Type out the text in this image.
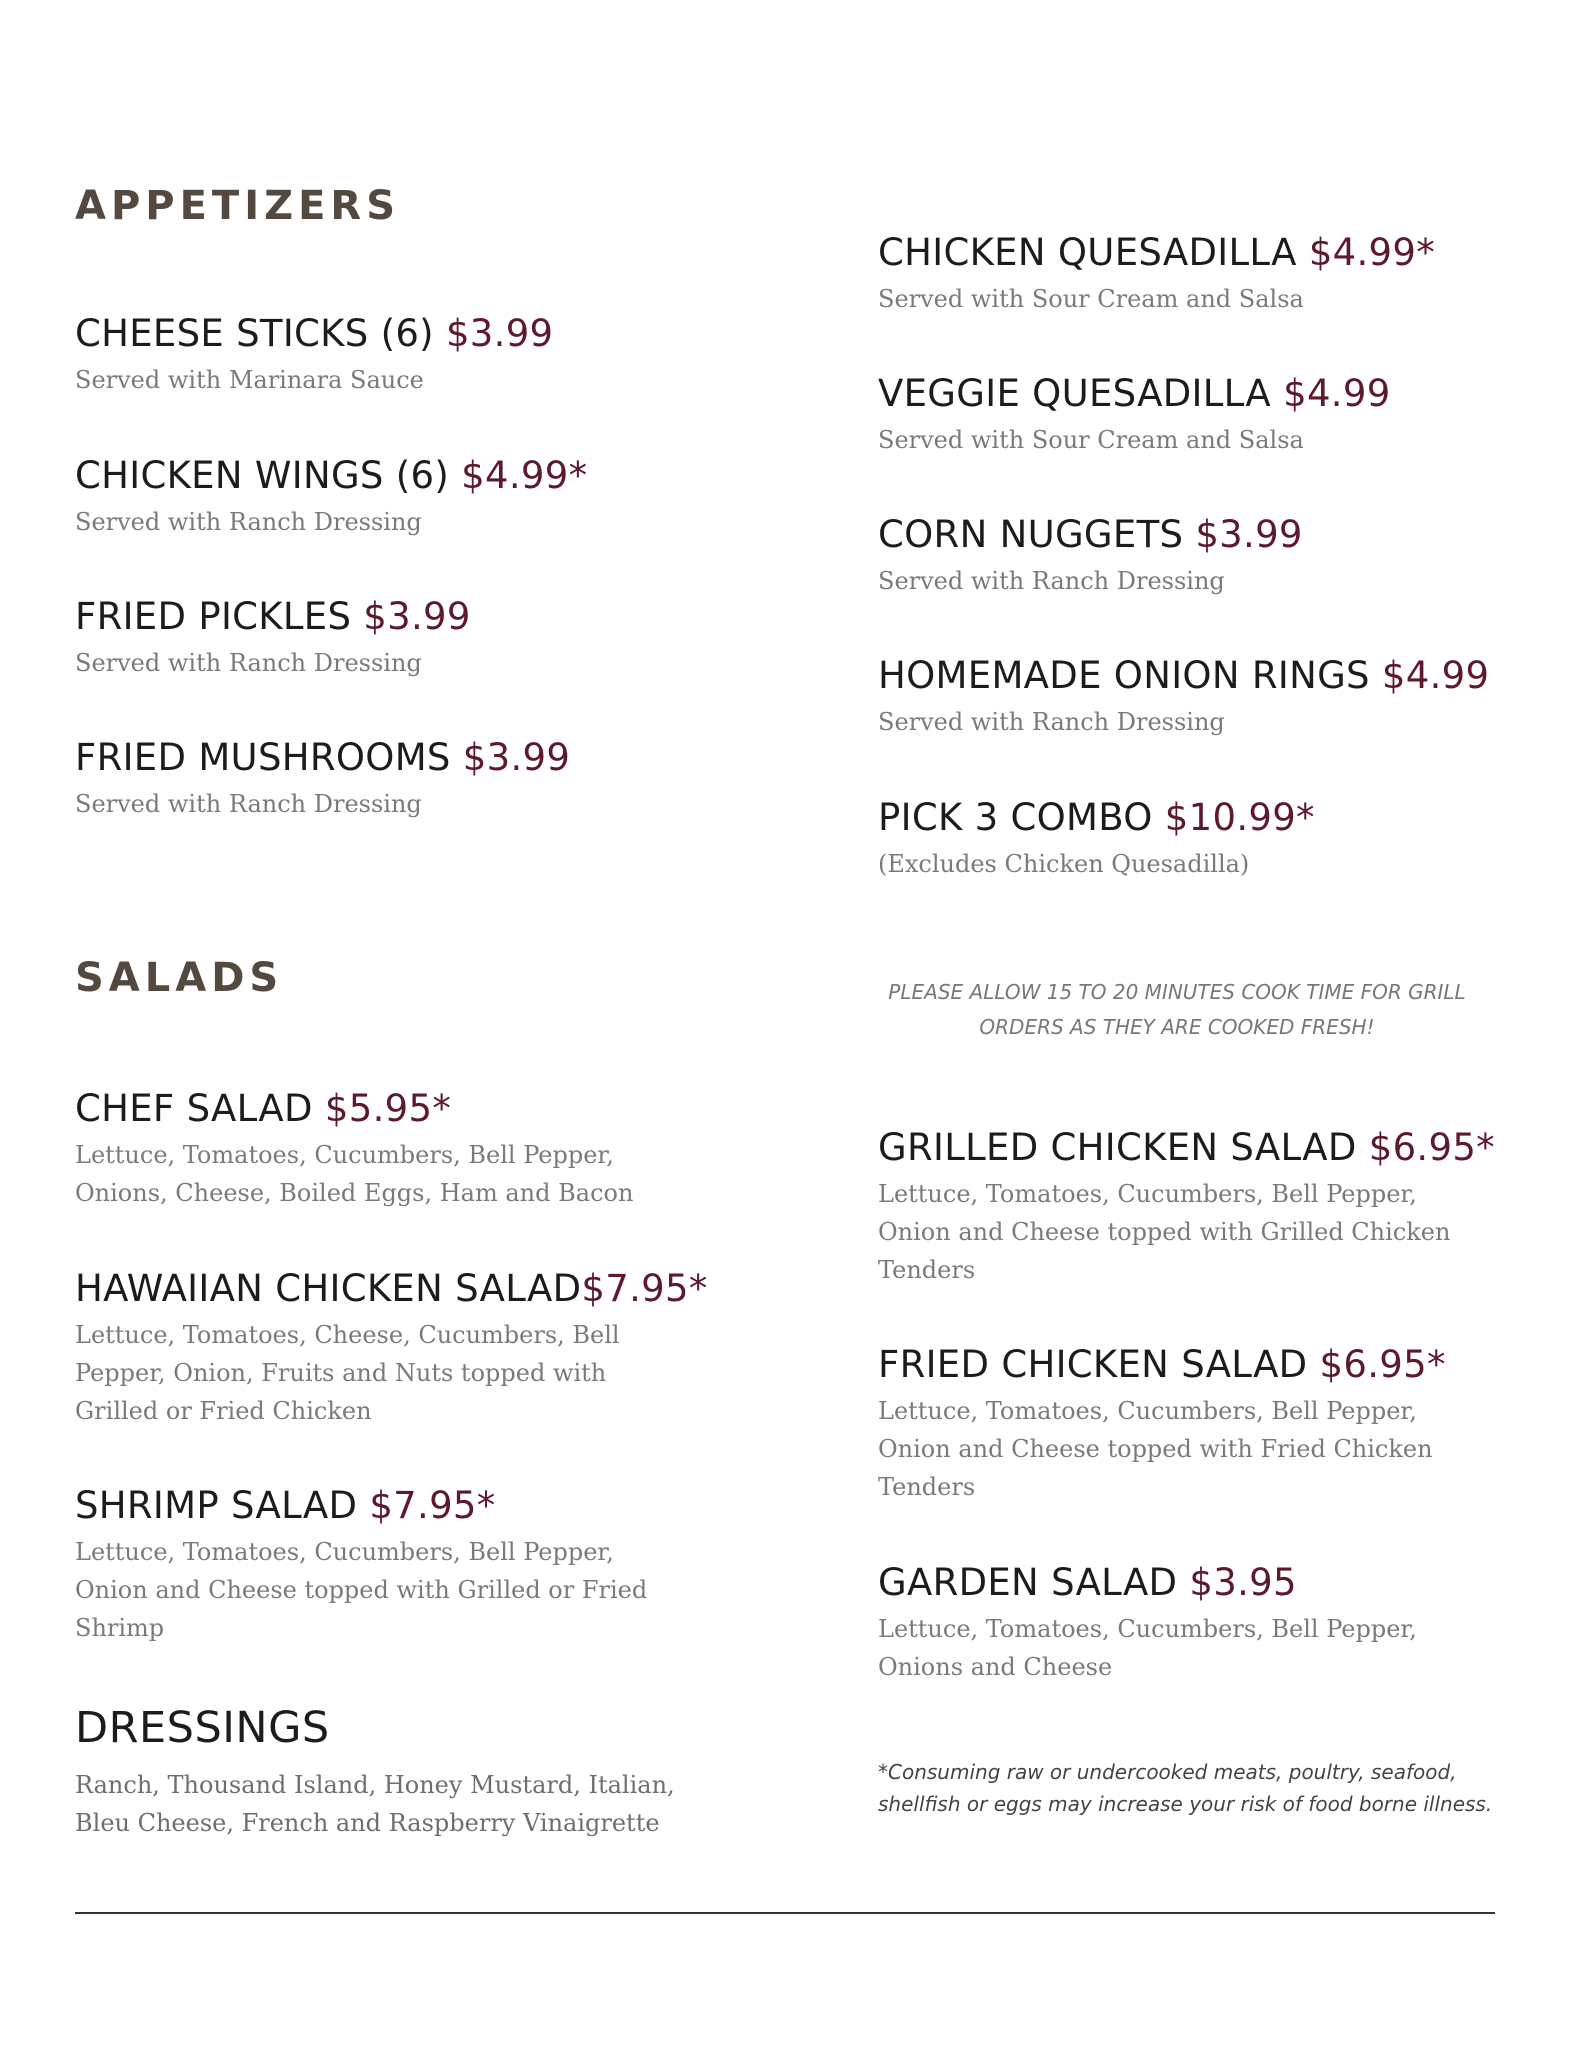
APPETIZERS
SALADS
CHEESE STICKS (6) $3.99
Served with Marinara Sauce
CHICKEN WINGS (6) $4.99*
Served with Ranch Dressing
FRIED PICKLES $3.99
Served with Ranch Dressing
FRIED MUSHROOMS $3.99
Served with Ranch Dressing
CHICKEN QUESADILLA $4.99*
Served with Sour Cream and Salsa
VEGGIE QUESADILLA $4.99
Served with Sour Cream and Salsa
CORN NUGGETS $3.99
Served with Ranch Dressing
HOMEMADE ONION RINGS $4.99
Served with Ranch Dressing
PICK 3 COMBO $10.99*
(Excludes Chicken Quesadilla)
PLEASE ALLOW 15 TO 20 MINUTES COOK TIME FOR GRILL ORDERS AS THEY ARE COOKED FRESH!
CHEF SALAD $5.95*
Lettuce, Tomatoes, Cucumbers, Bell Pepper, Onions, Cheese, Boiled Eggs, Ham and Bacon
HAWAIIAN CHICKEN SALAD$7.95*
Lettuce, Tomatoes, Cheese, Cucumbers, Bell Pepper, Onion, Fruits and Nuts topped with Grilled or Fried Chicken
SHRIMP SALAD $7.95*
Lettuce, Tomatoes, Cucumbers, Bell Pepper, Onion and Cheese topped with Grilled or Fried Shrimp
GRILLED CHICKEN SALAD $6.95*
Lettuce, Tomatoes, Cucumbers, Bell Pepper, Onion and Cheese topped with Grilled Chicken Tenders
FRIED CHICKEN SALAD $6.95*
Lettuce, Tomatoes, Cucumbers, Bell Pepper, Onion and Cheese topped with Fried Chicken Tenders
GARDEN SALAD $3.95
Lettuce, Tomatoes, Cucumbers, Bell Pepper, Onions and Cheese
DRESSINGS
Ranch, Thousand Island, Honey Mustard, Italian, Bleu Cheese, French and Raspberry Vinaigrette
*Consuming raw or undercooked meats, poultry, seafood, shellfish or eggs may increase your risk of food borne illness.
